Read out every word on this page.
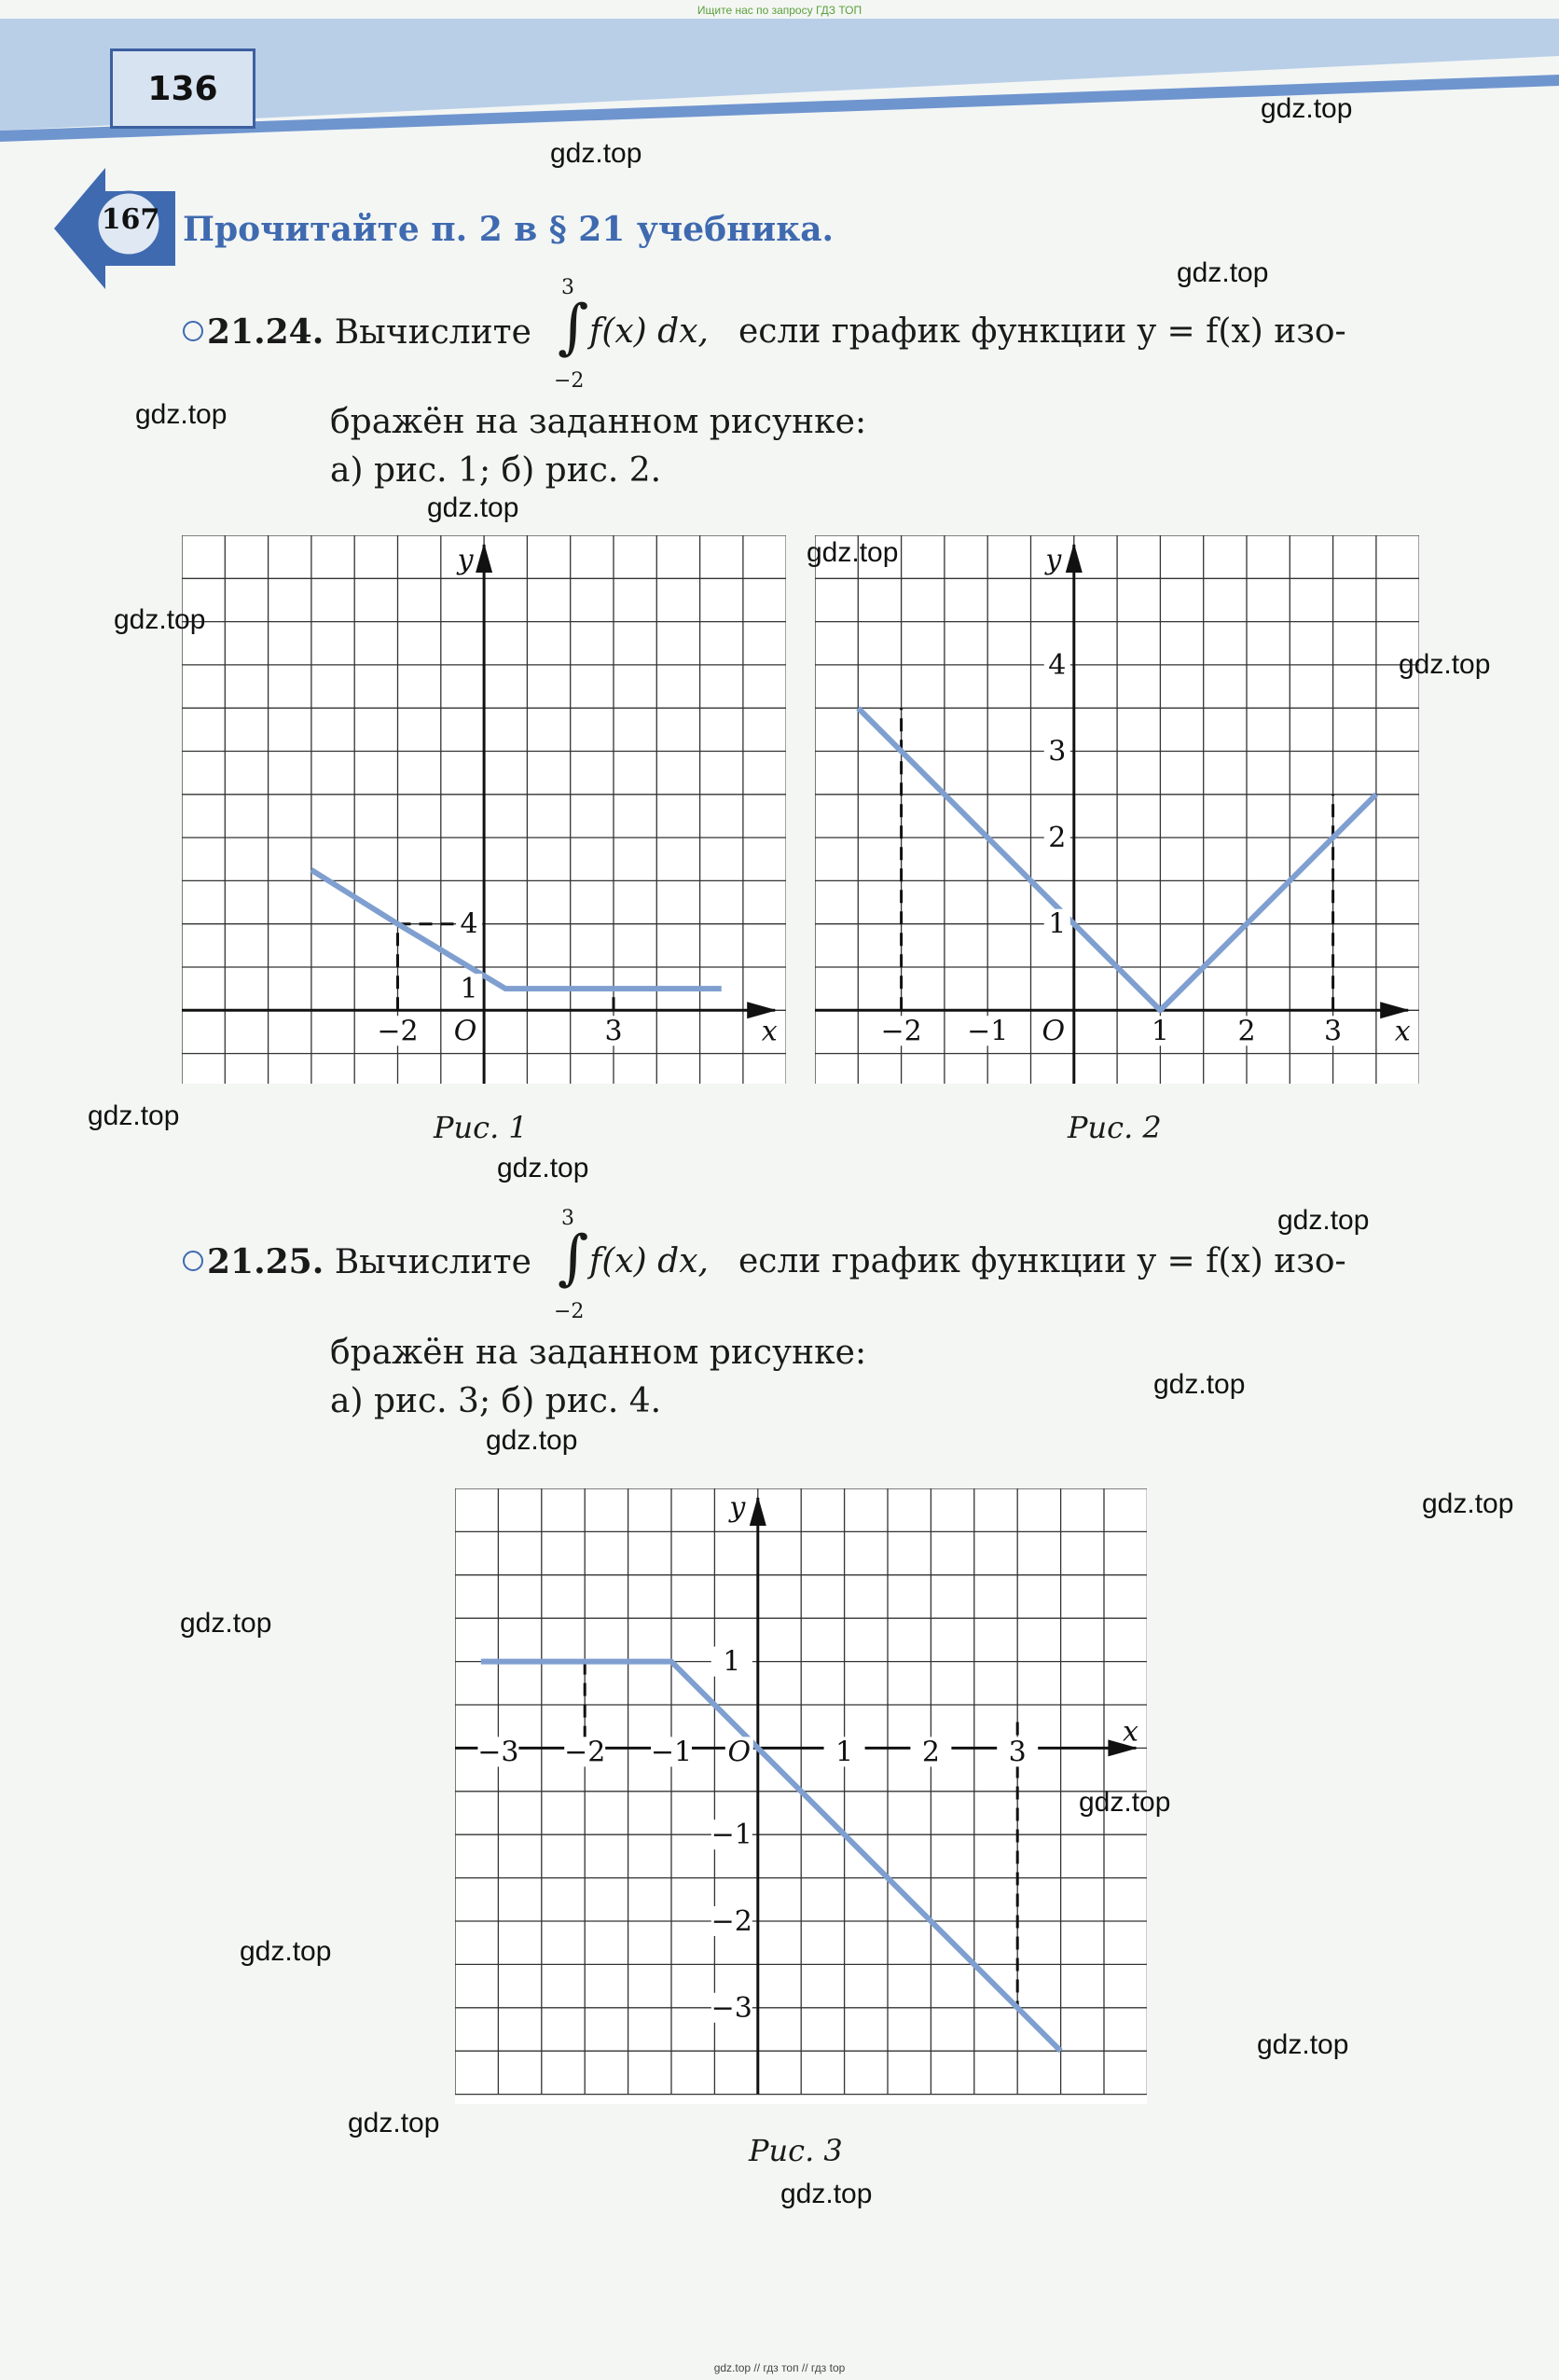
Ищите нас по запросу ГДЗ ТОП
136
167 Прочитайте п. 2 в § 21 учебника.
21.24. Вычислите
3
∫
−2
f(x) dx, если график функции y = f(x) изо-
бражён на заданном рисунке:
а) рис. 1; б) рис. 2.
−2	3
1
4
O	x
y
Рис. 1
−2 −1	1 2 3
1
2
3
4
O	x
y
Рис. 2
21.25. Вычислите
3
∫
−2
f(x) dx, если график функции y = f(x) изо-
бражён на заданном рисунке:
а) рис. 3; б) рис. 4.
−3 −2 −1	1 2 3
1
−1
−2
−3
O
x
y
Рис. 3
gdz.top // гдз топ // гдз top
gdz.top
gdz.top
gdz.top
gdz.top
gdz.top
gdz.top
gdz.top
gdz.top
gdz.top
gdz.top
gdz.top
gdz.top
gdz.top
gdz.top
gdz.top
gdz.top
gdz.top
gdz.top
gdz.top
gdz.top
